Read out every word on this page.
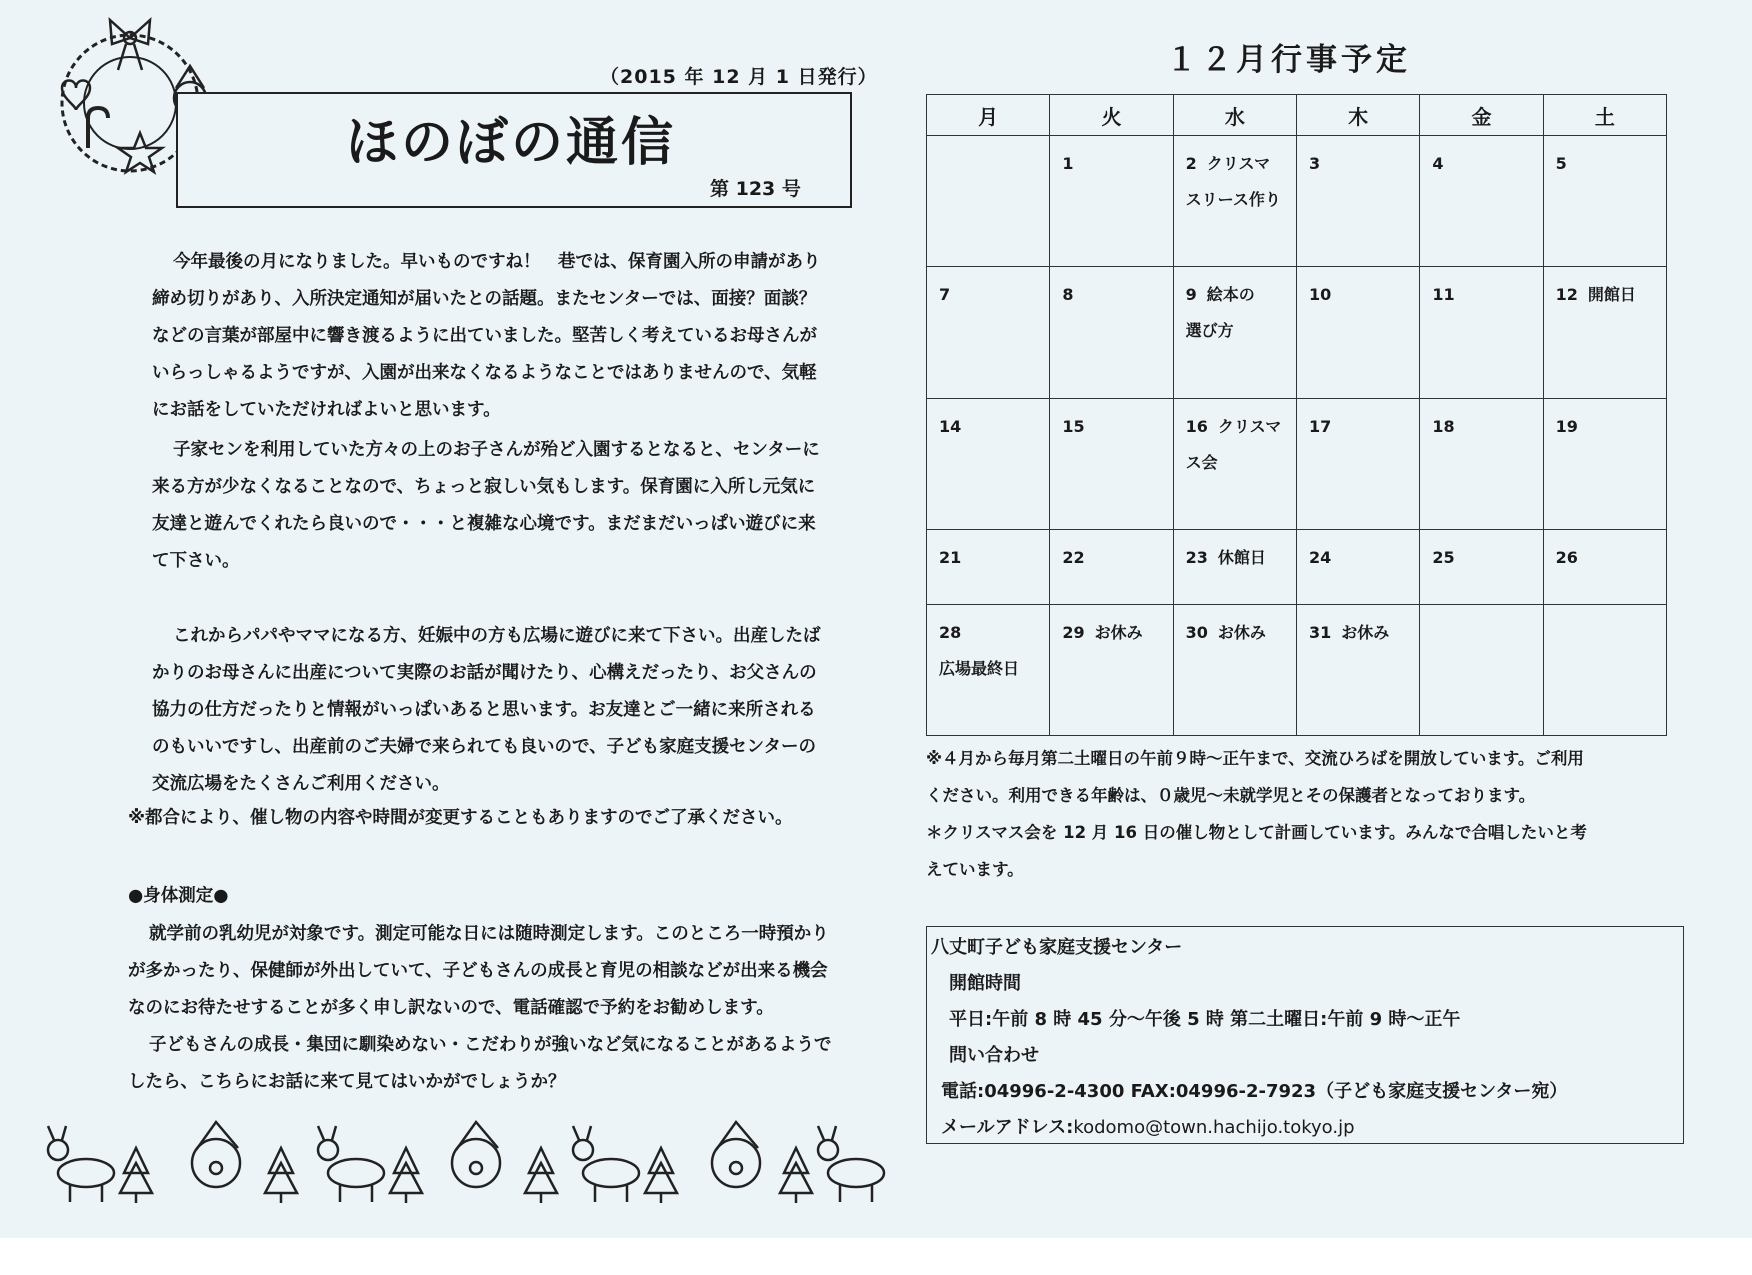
（2015 年 12 月 1 日発行）
ほのぼの通信
第 123 号

今年最後の月になりました。早いものですね！　巷では、保育園入所の申請があり

締め切りがあり、入所決定通知が届いたとの話題。またセンターでは、面接？面談？

などの言葉が部屋中に響き渡るように出ていました。堅苦しく考えているお母さんが

いらっしゃるようですが、入園が出来なくなるようなことではありませんので、気軽

にお話をしていただければよいと思います。

子家センを利用していた方々の上のお子さんが殆ど入園するとなると、センターに

来る方が少なくなることなので、ちょっと寂しい気もします。保育園に入所し元気に

友達と遊んでくれたら良いので・・・と複雑な心境です。まだまだいっぱい遊びに来

て下さい。

これからパパやママになる方、妊娠中の方も広場に遊びに来て下さい。出産したば

かりのお母さんに出産について実際のお話が聞けたり、心構えだったり、お父さんの

協力の仕方だったりと情報がいっぱいあると思います。お友達とご一緒に来所される

のもいいですし、出産前のご夫婦で来られても良いので、子ども家庭支援センターの

交流広場をたくさんご利用ください。

※都合により、催し物の内容や時間が変更することもありますのでご了承ください。
●身体測定●

就学前の乳幼児が対象です。測定可能な日には随時測定します。このところ一時預かり

が多かったり、保健師が外出していて、子どもさんの成長と育児の相談などが出来る機会

なのにお待たせすることが多く申し訳ないので、電話確認で予約をお勧めします。

子どもさんの成長・集団に馴染めない・こだわりが強いなど気になることがあるようで

したら、こちらにお話に来て見てはいかがでしょうか？

１２月行事予定
月	火	水	木	金	土

	1	2 クリスマ
スリース作り	3	4	5

7	8	9 絵本の
選び方	10	11	12 開館日

14	15	16 クリスマ
ス会	17	18	19

21	22	23 休館日	24	25	26

28
広場最終日	29 お休み	30 お休み	31 お休み		

※４月から毎月第二土曜日の午前９時～正午まで、交流ひろばを開放しています。ご利用

ください。利用できる年齢は、０歳児～未就学児とその保護者となっております。

＊クリスマス会を 12 月 16 日の催し物として計画しています。みんなで合唱したいと考

えています。

八丈町子ども家庭支援センター
開館時間
平日:午前 8 時 45 分～午後 5 時 第二土曜日:午前 9 時～正午
問い合わせ
電話:04996-2-4300 FAX:04996-2-7923（子ども家庭支援センター宛）
メールアドレス:kodomo@town.hachijo.tokyo.jp
